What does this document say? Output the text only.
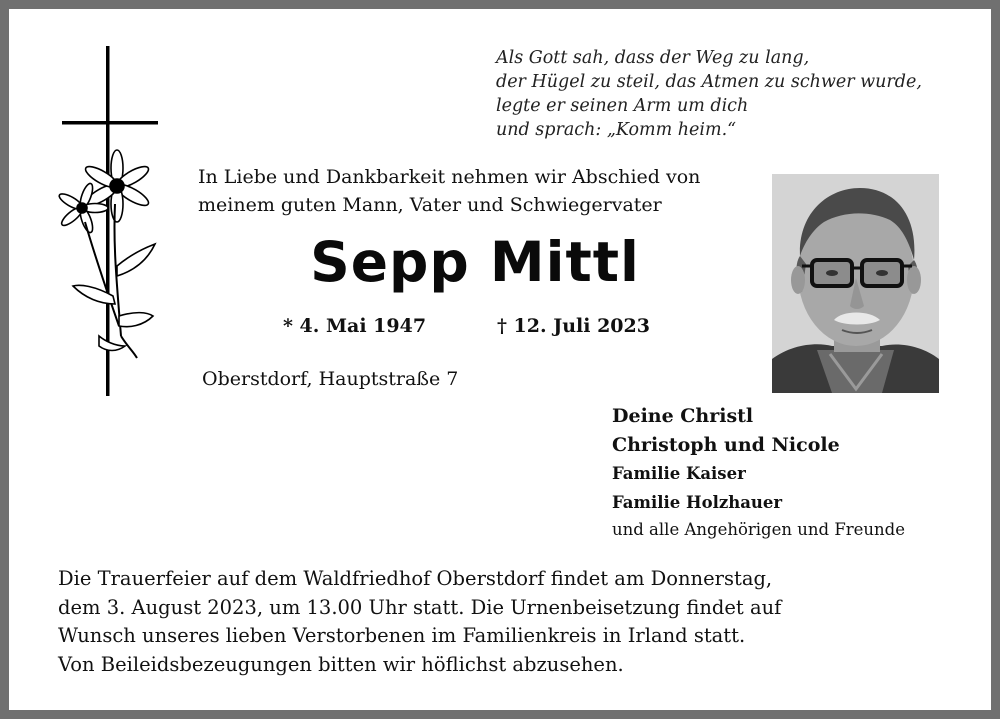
Als Gott sah, dass der Weg zu lang,
der Hügel zu steil, das Atmen zu schwer wurde,
legte er seinen Arm um dich
und sprach: „Komm heim.“
In Liebe und Dankbarkeit nehmen wir Abschied von
meinem guten Mann, Vater und Schwiegervater
Sepp Mittl
* 4. Mai 1947	† 12. Juli 2023
Oberstdorf, Hauptstraße 7
Deine Christl
Christoph und Nicole
Familie Kaiser
Familie Holzhauer
und alle Angehörigen und Freunde
Die Trauerfeier auf dem Waldfriedhof Oberstdorf findet am Donnerstag,
dem 3. August 2023, um 13.00 Uhr statt. Die Urnenbeisetzung findet auf
Wunsch unseres lieben Verstorbenen im Familienkreis in Irland statt.
Von Beileidsbezeugungen bitten wir höflichst abzusehen.
